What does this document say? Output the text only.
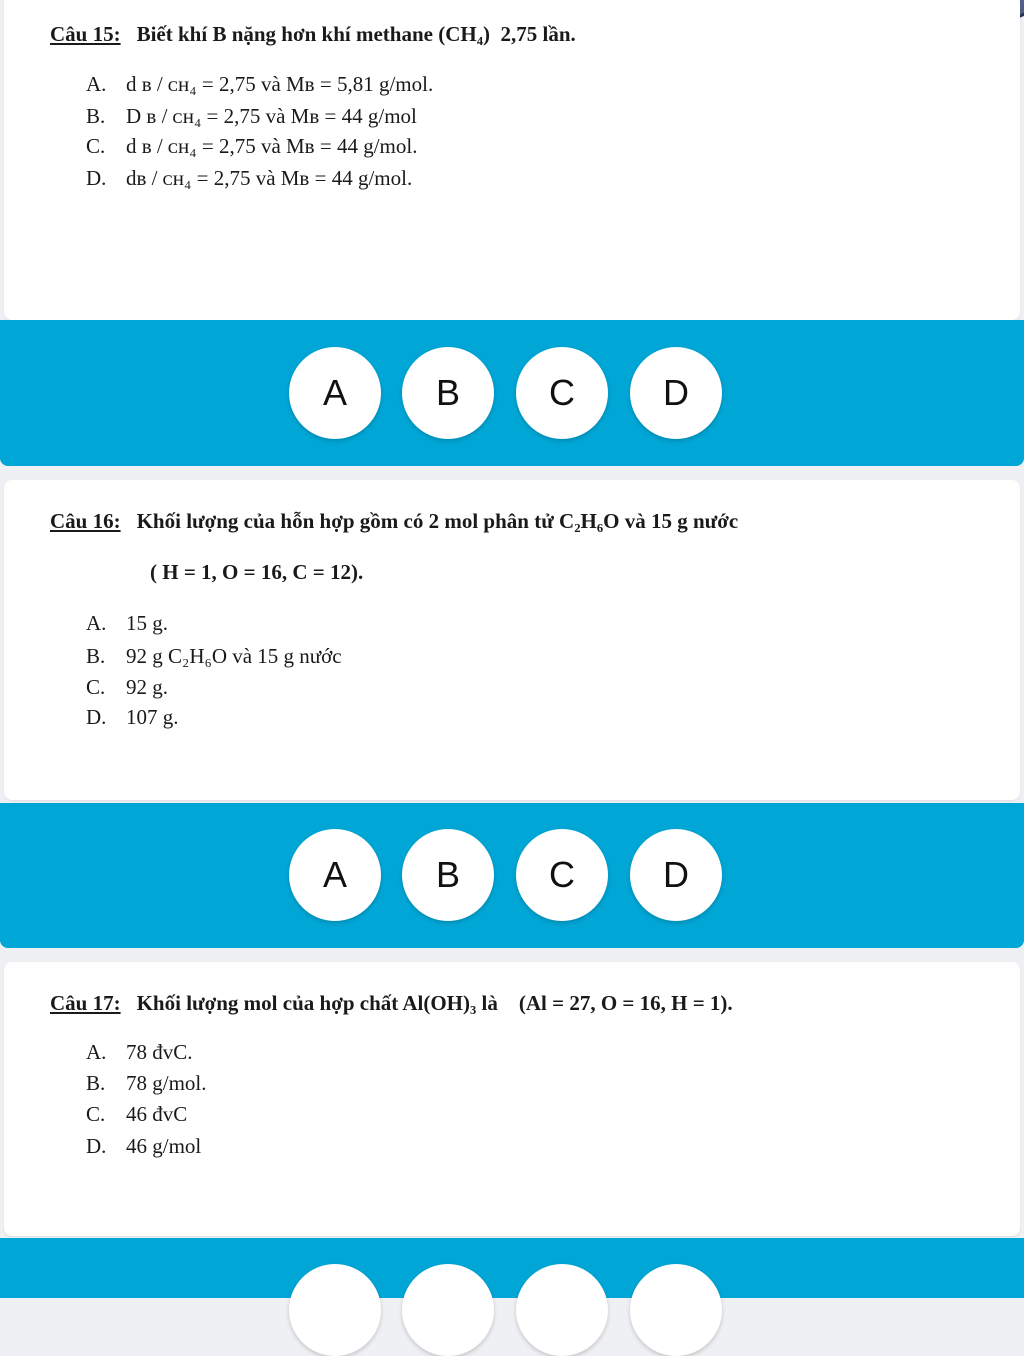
Câu 15: Biết khí B nặng hơn khí methane (CH₄)  2,75 lần.

A. d ʙ / ᴄʜ₄ = 2,75 và Mʙ = 5,81 g/mol.

B. D ʙ / ᴄʜ₄ = 2,75 và Mʙ = 44 g/mol

C. d ʙ / ᴄʜ₄ = 2,75 và Mʙ = 44 g/mol.

D. dʙ / ᴄʜ₄ = 2,75 và Mʙ = 44 g/mol.

A	B	C	D

Câu 16: Khối lượng của hỗn hợp gồm có 2 mol phân tử C₂H₆O và 15 g nước

( H = 1, O = 16, C = 12).

A. 15 g.

B. 92 g C₂H₆O và 15 g nước

C. 92 g.

D. 107 g.

A	B	C	D

Câu 17: Khối lượng mol của hợp chất Al(OH)₃ là    (Al = 27, O = 16, H = 1).

A. 78 đvC.

B. 78 g/mol.

C. 46 đvC

D. 46 g/mol
